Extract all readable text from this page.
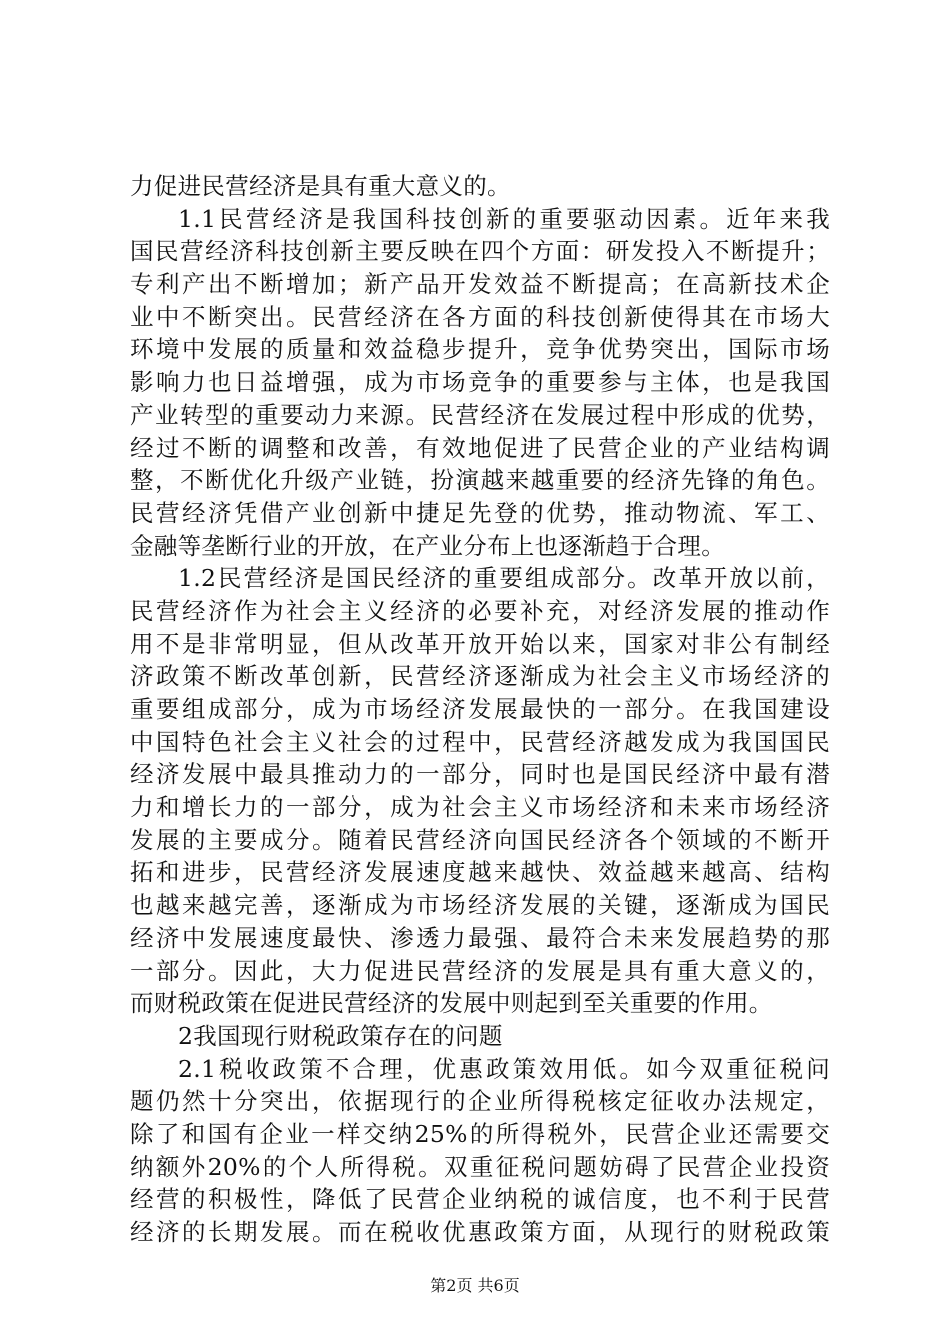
力促进民营经济是具有重大意义的。
1.1民营经济是我国科技创新的重要驱动因素。近年来我
国民营经济科技创新主要反映在四个方面：研发投入不断提升；
专利产出不断增加；新产品开发效益不断提高；在高新技术企
业中不断突出。民营经济在各方面的科技创新使得其在市场大
环境中发展的质量和效益稳步提升，竞争优势突出，国际市场
影响力也日益增强，成为市场竞争的重要参与主体，也是我国
产业转型的重要动力来源。民营经济在发展过程中形成的优势，
经过不断的调整和改善，有效地促进了民营企业的产业结构调
整，不断优化升级产业链，扮演越来越重要的经济先锋的角色。
民营经济凭借产业创新中捷足先登的优势，推动物流、军工、
金融等垄断行业的开放，在产业分布上也逐渐趋于合理。
1.2民营经济是国民经济的重要组成部分。改革开放以前，
民营经济作为社会主义经济的必要补充，对经济发展的推动作
用不是非常明显，但从改革开放开始以来，国家对非公有制经
济政策不断改革创新，民营经济逐渐成为社会主义市场经济的
重要组成部分，成为市场经济发展最快的一部分。在我国建设
中国特色社会主义社会的过程中，民营经济越发成为我国国民
经济发展中最具推动力的一部分，同时也是国民经济中最有潜
力和增长力的一部分，成为社会主义市场经济和未来市场经济
发展的主要成分。随着民营经济向国民经济各个领域的不断开
拓和进步，民营经济发展速度越来越快、效益越来越高、结构
也越来越完善，逐渐成为市场经济发展的关键，逐渐成为国民
经济中发展速度最快、渗透力最强、最符合未来发展趋势的那
一部分。因此，大力促进民营经济的发展是具有重大意义的，
而财税政策在促进民营经济的发展中则起到至关重要的作用。
2我国现行财税政策存在的问题
2.1税收政策不合理，优惠政策效用低。如今双重征税问
题仍然十分突出，依据现行的企业所得税核定征收办法规定，
除了和国有企业一样交纳25%的所得税外，民营企业还需要交
纳额外20%的个人所得税。双重征税问题妨碍了民营企业投资
经营的积极性，降低了民营企业纳税的诚信度，也不利于民营
经济的长期发展。而在税收优惠政策方面，从现行的财税政策
第2页 共6页
